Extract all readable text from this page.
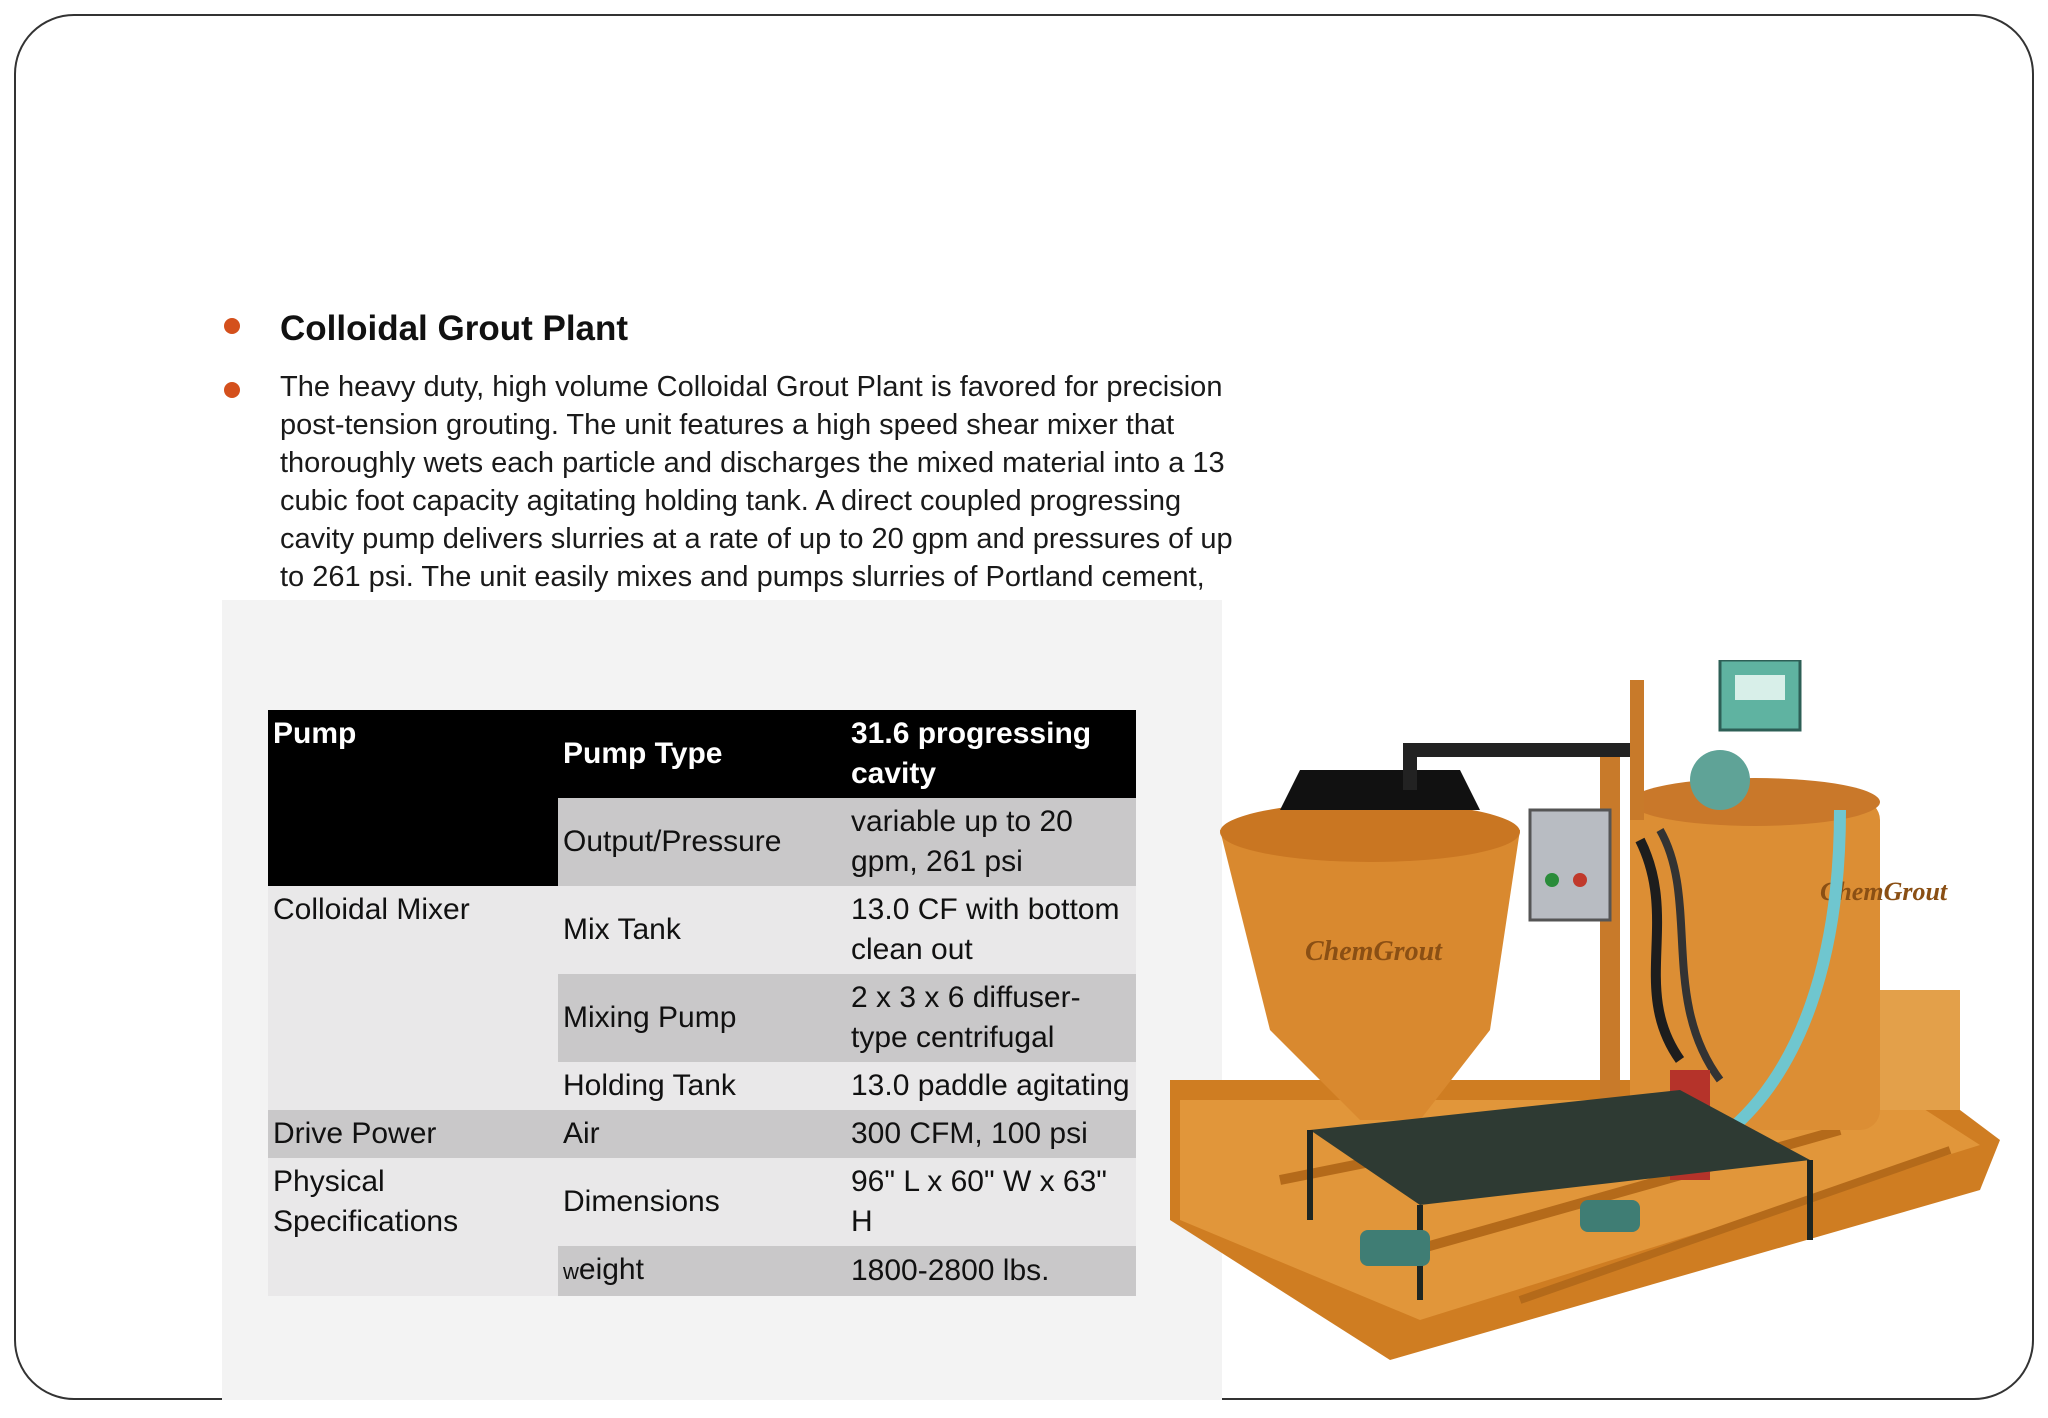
Colloidal Grout Plant
The heavy duty, high volume Colloidal Grout Plant is favored for precision
post-tension grouting. The unit features a high speed shear mixer that
thoroughly wets each particle and discharges the mixed material into a 13
cubic foot capacity agitating holding tank. A direct coupled progressing
cavity pump delivers slurries at a rate of up to 20 gpm and pressures of up
to 261 psi. The unit easily mixes and pumps slurries of Portland cement,

Pump	Pump Type	31.6 progressing cavity
	Output/Pressure	variable up to 20 gpm, 261 psi
Colloidal Mixer	Mix Tank	13.0 CF with bottom clean out
	Mixing Pump	2 x 3 x 6 diffuser-type centrifugal
	Holding Tank	13.0 paddle agitating
Drive Power	Air	300 CFM, 100 psi
Physical Specifications	Dimensions	96" L x 60" W x 63" H
	weight	1800-2800 lbs.
ChemGrout
ChemGrout
